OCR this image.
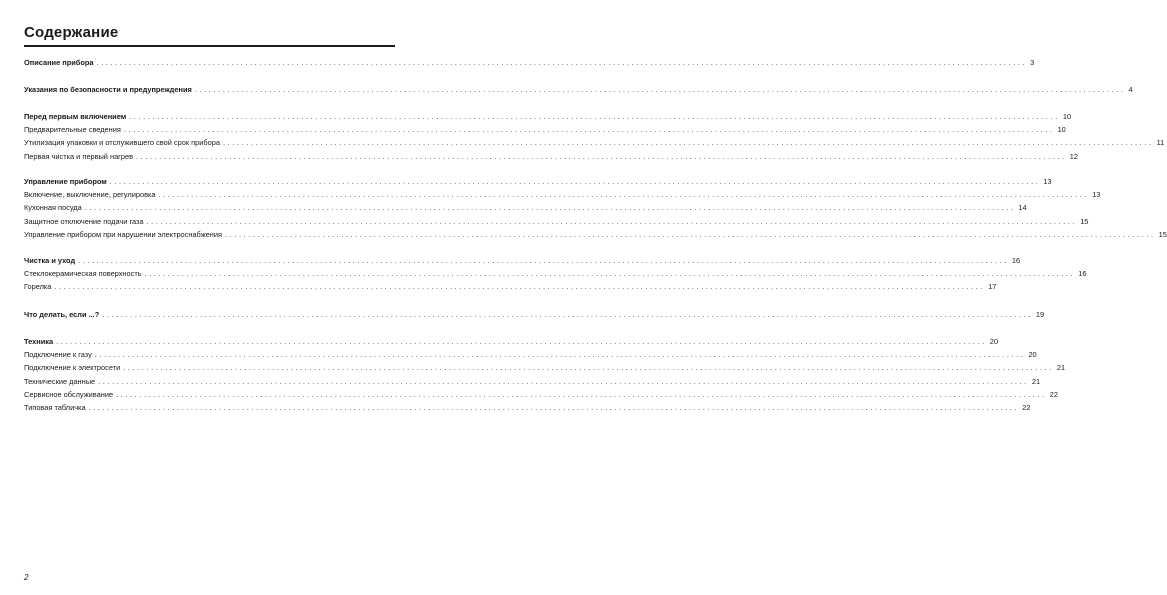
Содержание
Описание прибора ........................................................................................................................................................................................................ 3
Указания по безопасности и предупреждения ........................................................................................................................................................................................................ 4
Перед первым включением ........................................................................................................................................................................................................ 10
Предварительные сведения ........................................................................................................................................................................................................ 10
Утилизация упаковки и отслужившего свой срок прибора ........................................................................................................................................................................................................ 11
Первая чистка и первый нагрев ........................................................................................................................................................................................................ 12
Управление прибором ........................................................................................................................................................................................................ 13
Включение, выключение, регулировка ........................................................................................................................................................................................................ 13
Кухонная посуда ........................................................................................................................................................................................................ 14
Защитное отключение подачи газа ........................................................................................................................................................................................................ 15
Управление прибором при нарушении электроснабжения ........................................................................................................................................................................................................ 15
Чистка и уход ........................................................................................................................................................................................................ 16
Стеклокерамическая поверхность ........................................................................................................................................................................................................ 16
Горелка ........................................................................................................................................................................................................ 17
Что делать, если ...? ........................................................................................................................................................................................................ 19
Техника ........................................................................................................................................................................................................ 20
Подключение к газу ........................................................................................................................................................................................................ 20
Подключение к электросети ........................................................................................................................................................................................................ 21
Технические данные ........................................................................................................................................................................................................ 21
Сервисное обслуживание ........................................................................................................................................................................................................ 22
Типовая табличка ........................................................................................................................................................................................................ 22
2
